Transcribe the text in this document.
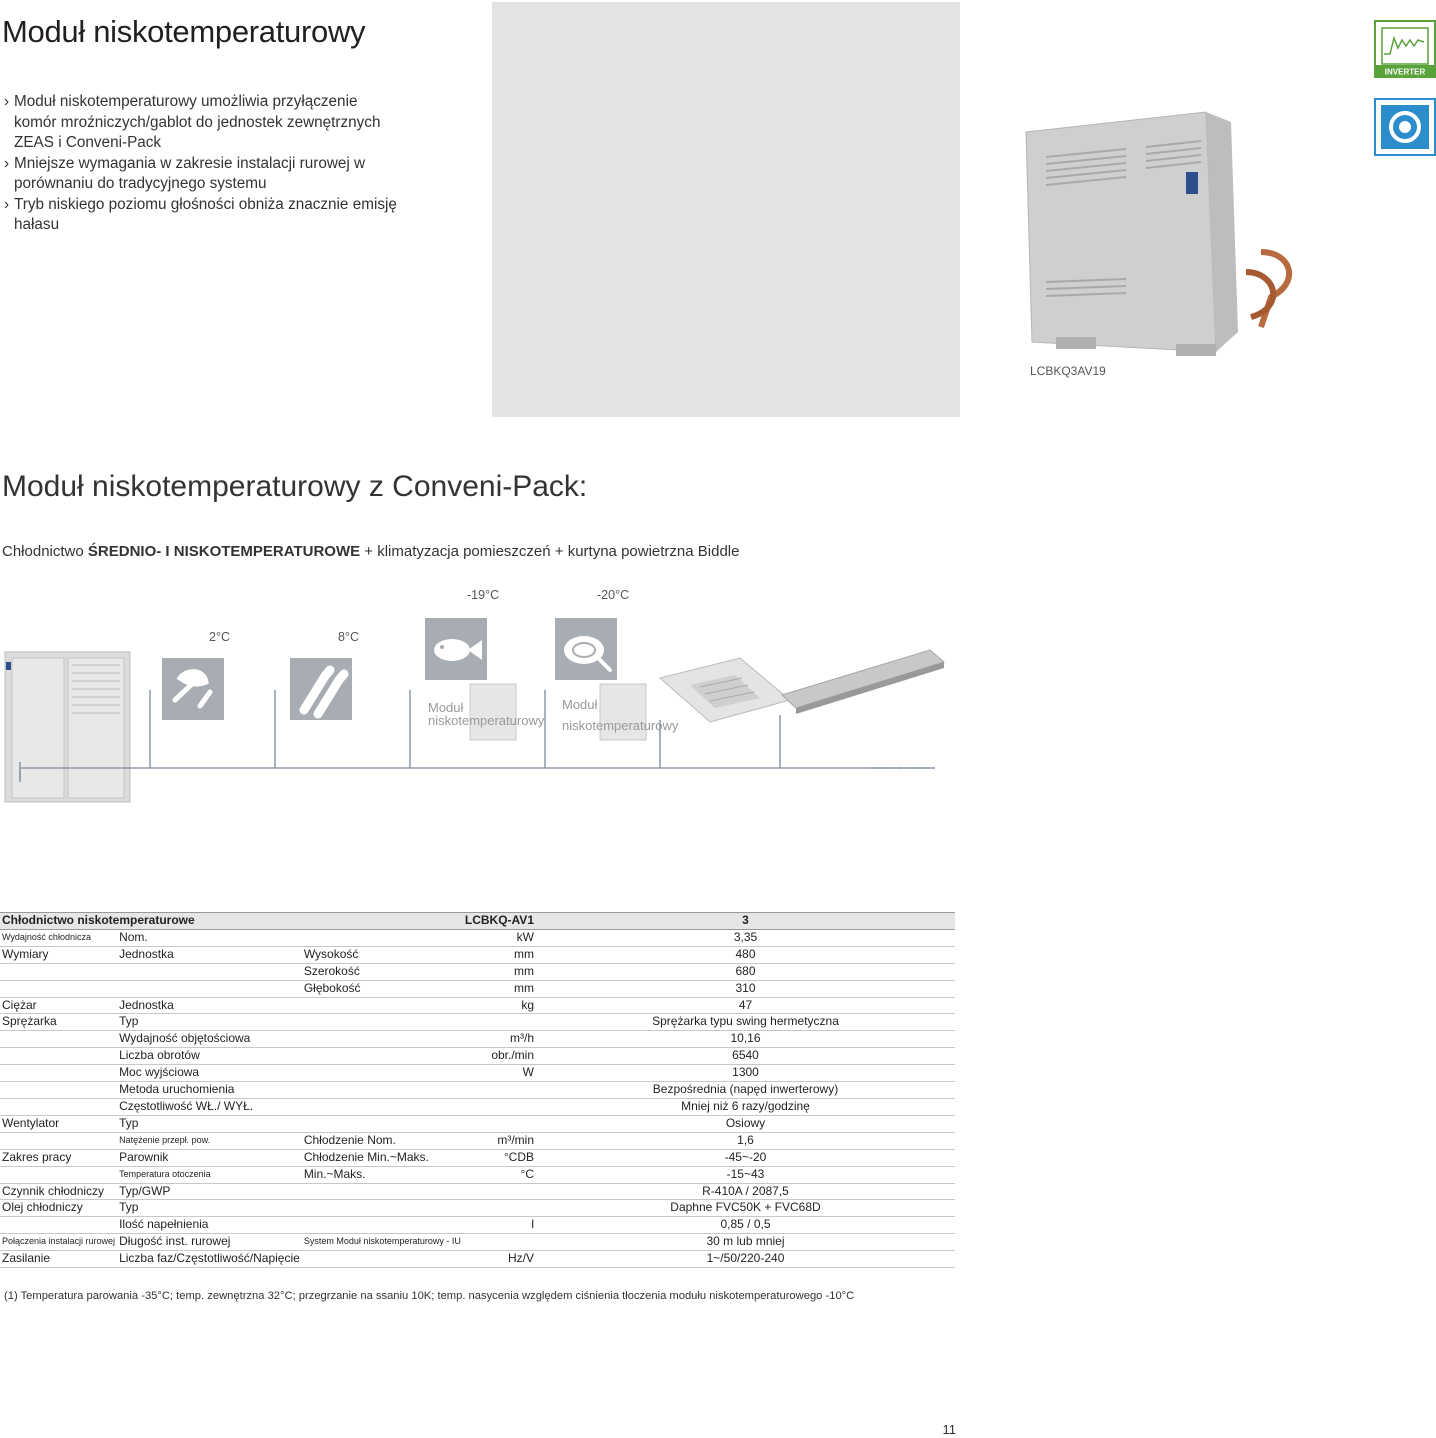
Moduł niskotemperaturowy
› Moduł niskotemperaturowy umożliwia przyłączenie komór mroźniczych/gablot do jednostek zewnętrznych ZEAS i Conveni-Pack
› Mniejsze wymagania w zakresie instalacji rurowej w porównaniu do tradycyjnego systemu
› Tryb niskiego poziomu głośności obniża znacznie emisję hałasu
LCBKQ3AV19
INVERTER
Moduł niskotemperaturowy z Conveni-Pack:
Chłodnictwo ŚREDNIO- I NISKOTEMPERATUROWE + klimatyzacja pomieszczeń + kurtyna powietrzna Biddle
-19°C	-20°C
2°C	8°C
Moduł
niskotemperaturowy
Moduł
niskotemperaturowy
Chłodnictwo niskotemperaturowe			LCBKQ-AV1	3
Wydajność chłodnicza	Nom.		kW	3,35
Wymiary	Jednostka	Wysokość	mm	480
		Szerokość	mm	680
		Głębokość	mm	310
Ciężar	Jednostka		kg	47
Sprężarka	Typ			Sprężarka typu swing hermetyczna
	Wydajność objętościowa		m³/h	10,16
	Liczba obrotów		obr./min	6540
	Moc wyjściowa		W	1300
	Metoda uruchomienia			Bezpośrednia (napęd inwerterowy)
	Częstotliwość WŁ./ WYŁ.			Mniej niż 6 razy/godzinę
Wentylator	Typ			Osiowy
	Natężenie przepł. pow.	Chłodzenie Nom.	m³/min	1,6
Zakres pracy	Parownik	Chłodzenie Min.~Maks.	°CDB	-45~-20
	Temperatura otoczenia	Min.~Maks.	°C	-15~43
Czynnik chłodniczy	Typ/GWP			R-410A / 2087,5
Olej chłodniczy	Typ			Daphne FVC50K + FVC68D
	Ilość napełnienia		l	0,85 / 0,5
Połączenia instalacji rurowej	Długość inst. rurowej	System Moduł niskotemperaturowy - IU		30 m lub mniej
Zasilanie	Liczba faz/Częstotliwość/Napięcie		Hz/V	1~/50/220-240
(1) Temperatura parowania -35°C; temp. zewnętrzna 32°C; przegrzanie na ssaniu 10K; temp. nasycenia względem ciśnienia tłoczenia modułu niskotemperaturowego -10°C
11
